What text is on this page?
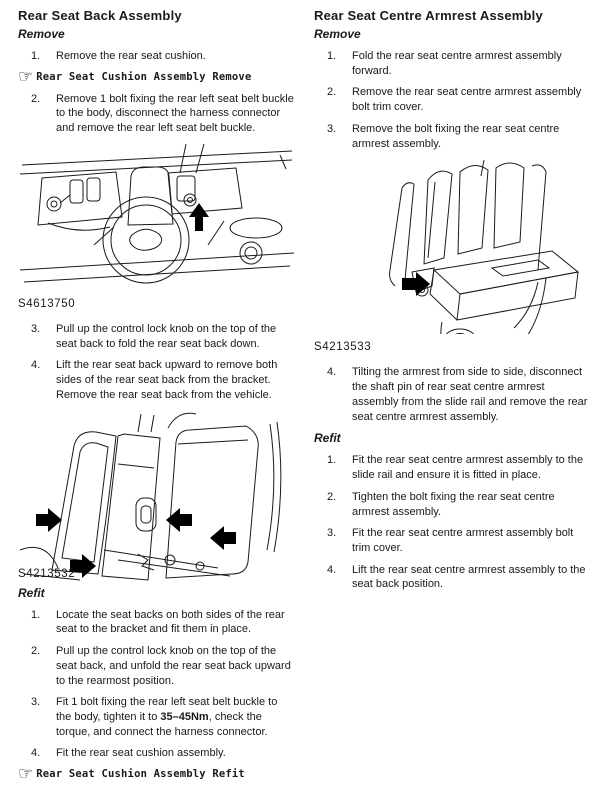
Rear Seat Back Assembly
Remove
1.	Remove the rear seat cushion.
☞ Rear Seat Cushion Assembly Remove
2.	Remove 1 bolt fixing the rear left seat belt buckle to the body, disconnect the harness connector and remove the rear left seat belt buckle.
S4613750
3.	Pull up the control lock knob on the top of the seat back to fold the rear seat back down.
4.	Lift the rear seat back upward to remove both sides of the rear seat back from the bracket. Remove the rear seat back from the vehicle.
S4213532
Refit
1.	Locate the seat backs on both sides of the rear seat to the bracket and fit them in place.
2.	Pull up the control lock knob on the top of the seat back, and unfold the rear seat back upward to the rearmost position.
3.	Fit 1 bolt fixing the rear left seat belt buckle to the body, tighten it to 35–45Nm, check the torque, and connect the harness connector.
4.	Fit the rear seat cushion assembly.
☞ Rear Seat Cushion Assembly Refit
Rear Seat Centre Armrest Assembly
Remove
1.	Fold the rear seat centre armrest assembly forward.
2.	Remove the rear seat centre armrest assembly bolt trim cover.
3.	Remove the bolt fixing the rear seat centre armrest assembly.
S4213533
4.	Tilting the armrest from side to side, disconnect the shaft pin of rear seat centre armrest assembly from the slide rail and remove the rear seat centre armrest assembly.
Refit
1.	Fit the rear seat centre armrest assembly to the slide rail and ensure it is fitted in place.
2.	Tighten the bolt fixing the rear seat centre armrest assembly.
3.	Fit the rear seat centre armrest assembly bolt trim cover.
4.	Lift the rear seat centre armrest assembly to the seat back position.
